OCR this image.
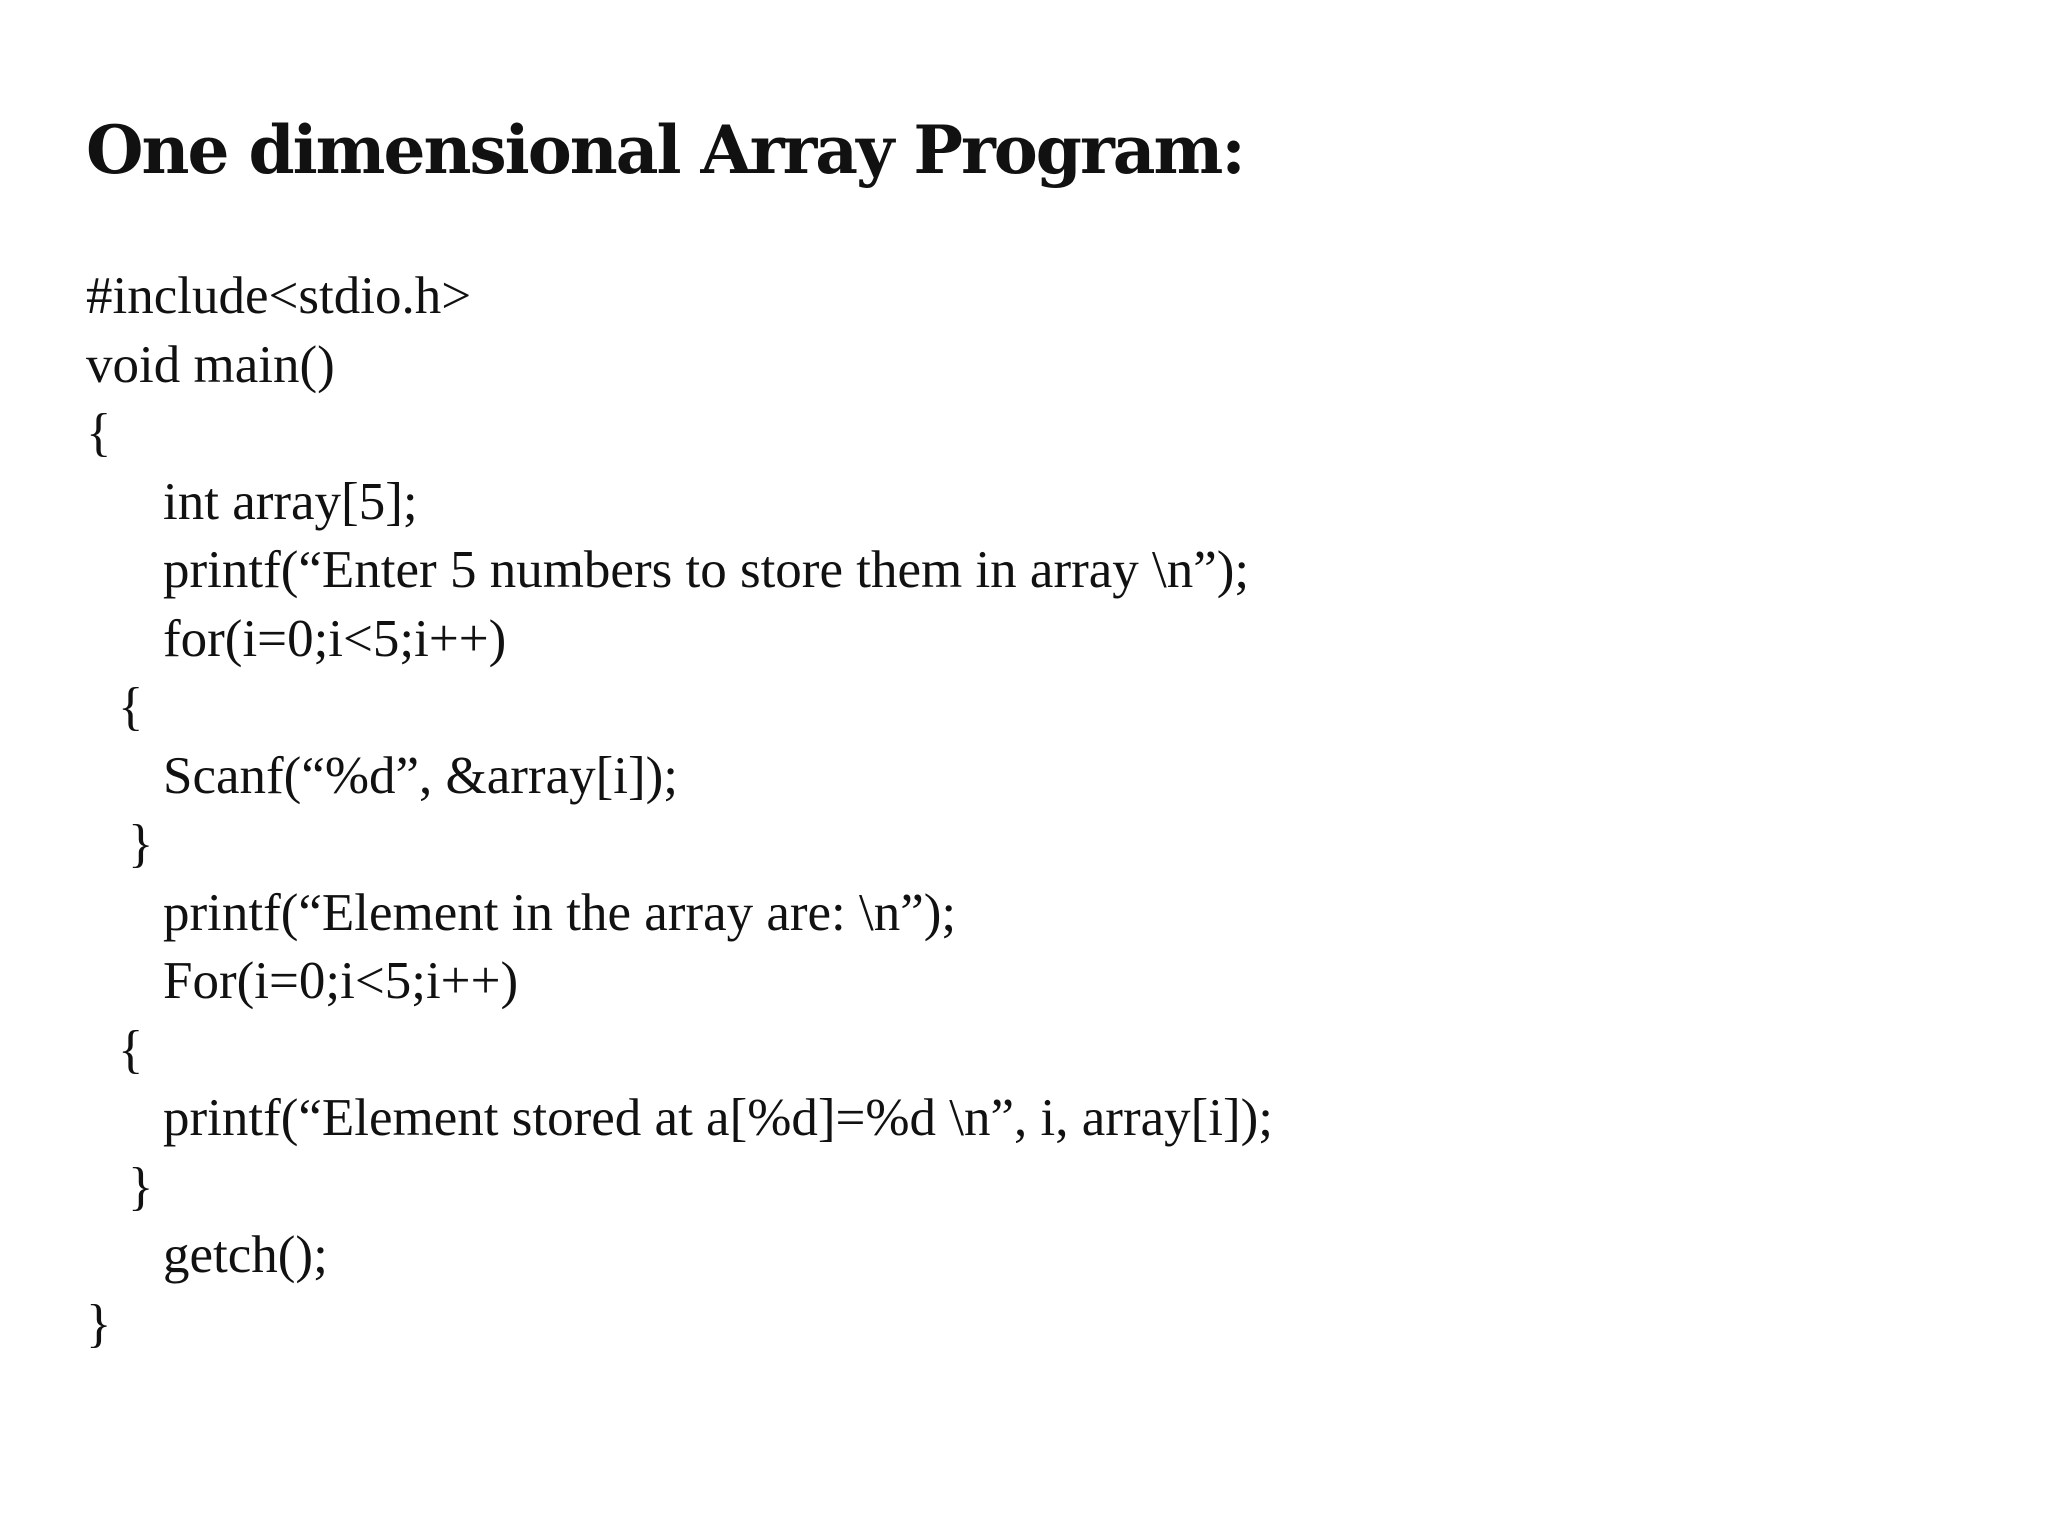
One dimensional Array Program:
#include<stdio.h>
void main()
{
int array[5];
printf(“Enter 5 numbers to store them in array \n”);
for(i=0;i<5;i++)
{
Scanf(“%d”, &array[i]);
}
printf(“Element in the array are: \n”);
For(i=0;i<5;i++)
{
printf(“Element stored at a[%d]=%d \n”, i, array[i]);
}
getch();
}
